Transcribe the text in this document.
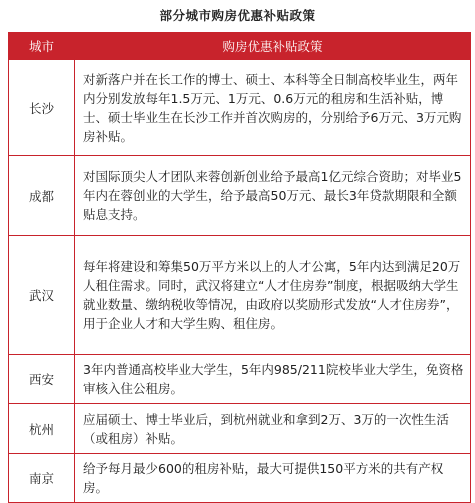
部分城市购房优惠补贴政策
城市	购房优惠补贴政策
长沙	对新落户并在长工作的博士、硕士、本科等全日制高校毕业生，两年内分别发放每年1.5万元、1万元、0.6万元的租房和生活补贴，博士、硕士毕业生在长沙工作并首次购房的，分别给予6万元、3万元购房补贴。
成都	对国际顶尖人才团队来蓉创新创业给予最高1亿元综合资助；对毕业5年内在蓉创业的大学生，给予最高50万元、最长3年贷款期限和全额贴息支持。
武汉	每年将建设和筹集50万平方米以上的人才公寓，5年内达到满足20万人租住需求。同时，武汉将建立“人才住房券”制度，根据吸纳大学生就业数量、缴纳税收等情况，由政府以奖励形式发放“人才住房券”，用于企业人才和大学生购、租住房。
西安	3年内普通高校毕业大学生，5年内985/211院校毕业大学生，免资格审核入住公租房。
杭州	应届硕士、博士毕业后，到杭州就业和拿到2万、3万的一次性生活（或租房）补贴。
南京	给予每月最少600的租房补贴，最大可提供150平方米的共有产权房。
